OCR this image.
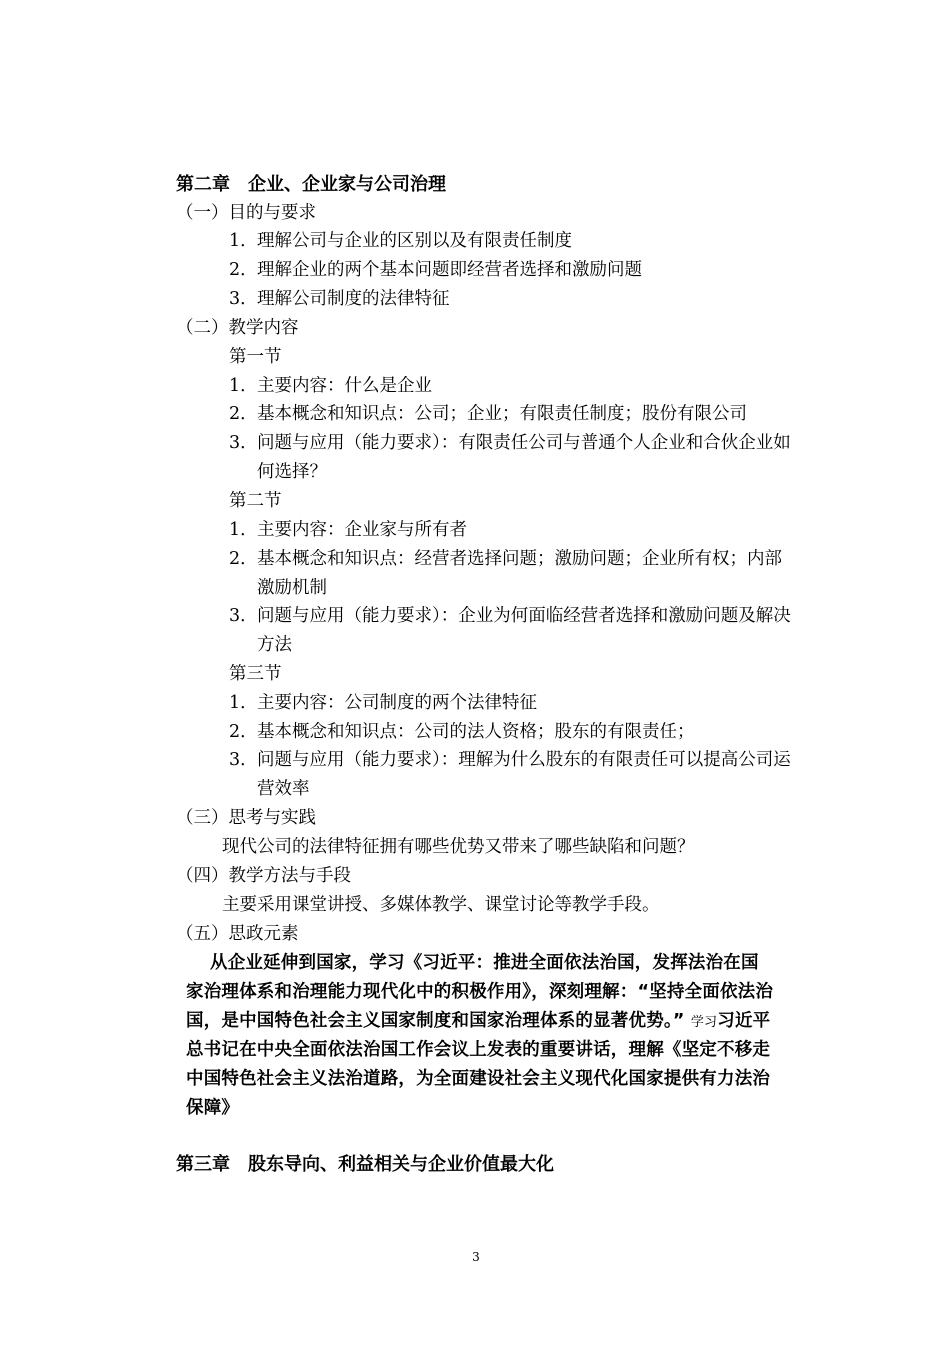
第二章　企业、企业家与公司治理
（一）目的与要求
1．理解公司与企业的区别以及有限责任制度
2．理解企业的两个基本问题即经营者选择和激励问题
3．理解公司制度的法律特征
（二）教学内容
第一节
1．主要内容：什么是企业
2．基本概念和知识点：公司；企业；有限责任制度；股份有限公司
3．问题与应用（能力要求）：有限责任公司与普通个人企业和合伙企业如
何选择？
第二节
1．主要内容：企业家与所有者
2．基本概念和知识点：经营者选择问题；激励问题；企业所有权；内部
激励机制
3．问题与应用（能力要求）：企业为何面临经营者选择和激励问题及解决
方法
第三节
1．主要内容：公司制度的两个法律特征
2．基本概念和知识点：公司的法人资格；股东的有限责任；
3．问题与应用（能力要求）：理解为什么股东的有限责任可以提高公司运
营效率
（三）思考与实践
现代公司的法律特征拥有哪些优势又带来了哪些缺陷和问题？
（四）教学方法与手段
主要采用课堂讲授、多媒体教学、课堂讨论等教学手段。
（五）思政元素
从企业延伸到国家，学习《习近平：推进全面依法治国，发挥法治在国
家治理体系和治理能力现代化中的积极作用》，深刻理解：“坚持全面依法治
国，是中国特色社会主义国家制度和国家治理体系的显著优势。” 学习习近平
总书记在中央全面依法治国工作会议上发表的重要讲话，理解《坚定不移走
中国特色社会主义法治道路，为全面建设社会主义现代化国家提供有力法治
保障》
第三章　股东导向、利益相关与企业价值最大化
3
